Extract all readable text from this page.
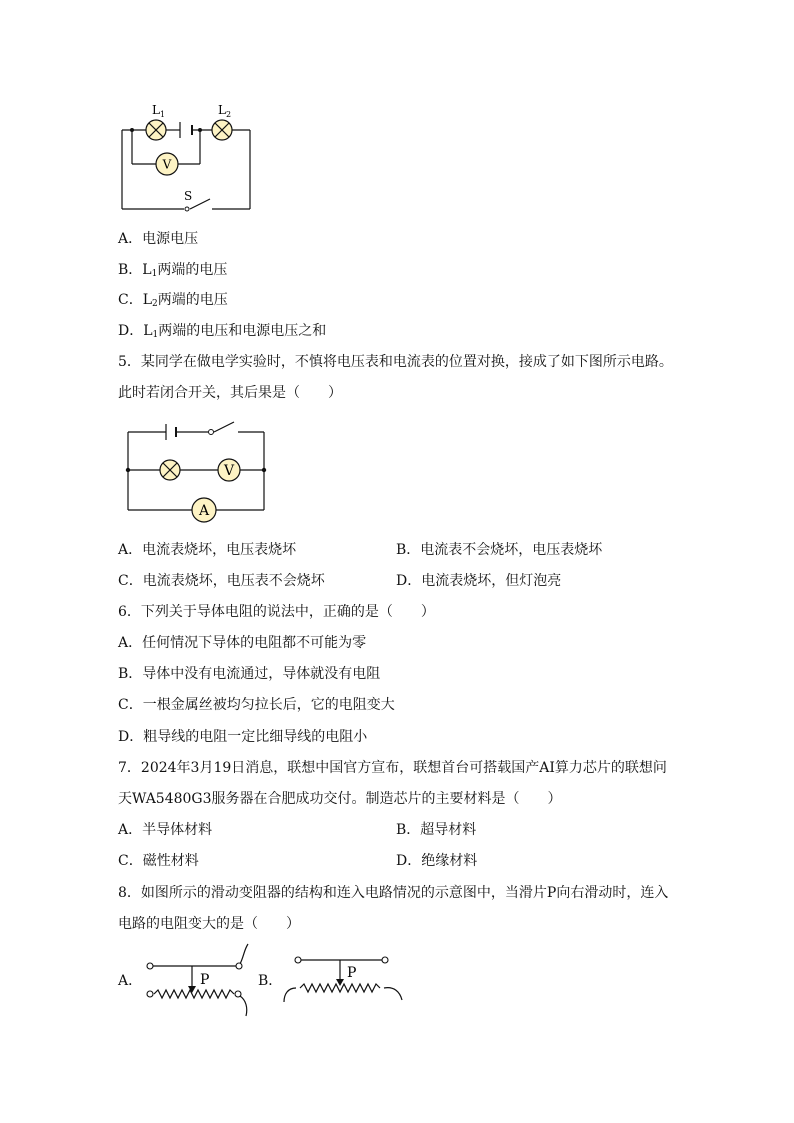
V
$L_1$	$L_2$
S
A．电源电压
B．$L_1$两端的电压
C．$L_2$两端的电压
D．$L_1$两端的电压和电源电压之和
5．某同学在做电学实验时，不慎将电压表和电流表的位置对换，接成了如下图所示电路。
此时若闭合开关，其后果是（　　）
V
A
A．电流表烧坏，电压表烧坏	B．电流表不会烧坏，电压表烧坏
C．电流表烧坏，电压表不会烧坏	D．电流表烧坏，但灯泡亮
6．下列关于导体电阻的说法中，正确的是（　　）
A．任何情况下导体的电阻都不可能为零
B．导体中没有电流通过，导体就没有电阻
C．一根金属丝被均匀拉长后，它的电阻变大
D．粗导线的电阻一定比细导线的电阻小
7．2024年3月19日消息，联想中国官方宣布，联想首台可搭载国产AI算力芯片的联想问
天WA5480G3服务器在合肥成功交付。制造芯片的主要材料是（　　）
A．半导体材料	B．超导材料
C．磁性材料	D．绝缘材料
8．如图所示的滑动变阻器的结构和连入电路情况的示意图中，当滑片P向右滑动时，连入
电路的电阻变大的是（　　）
A．	P	B．	P
